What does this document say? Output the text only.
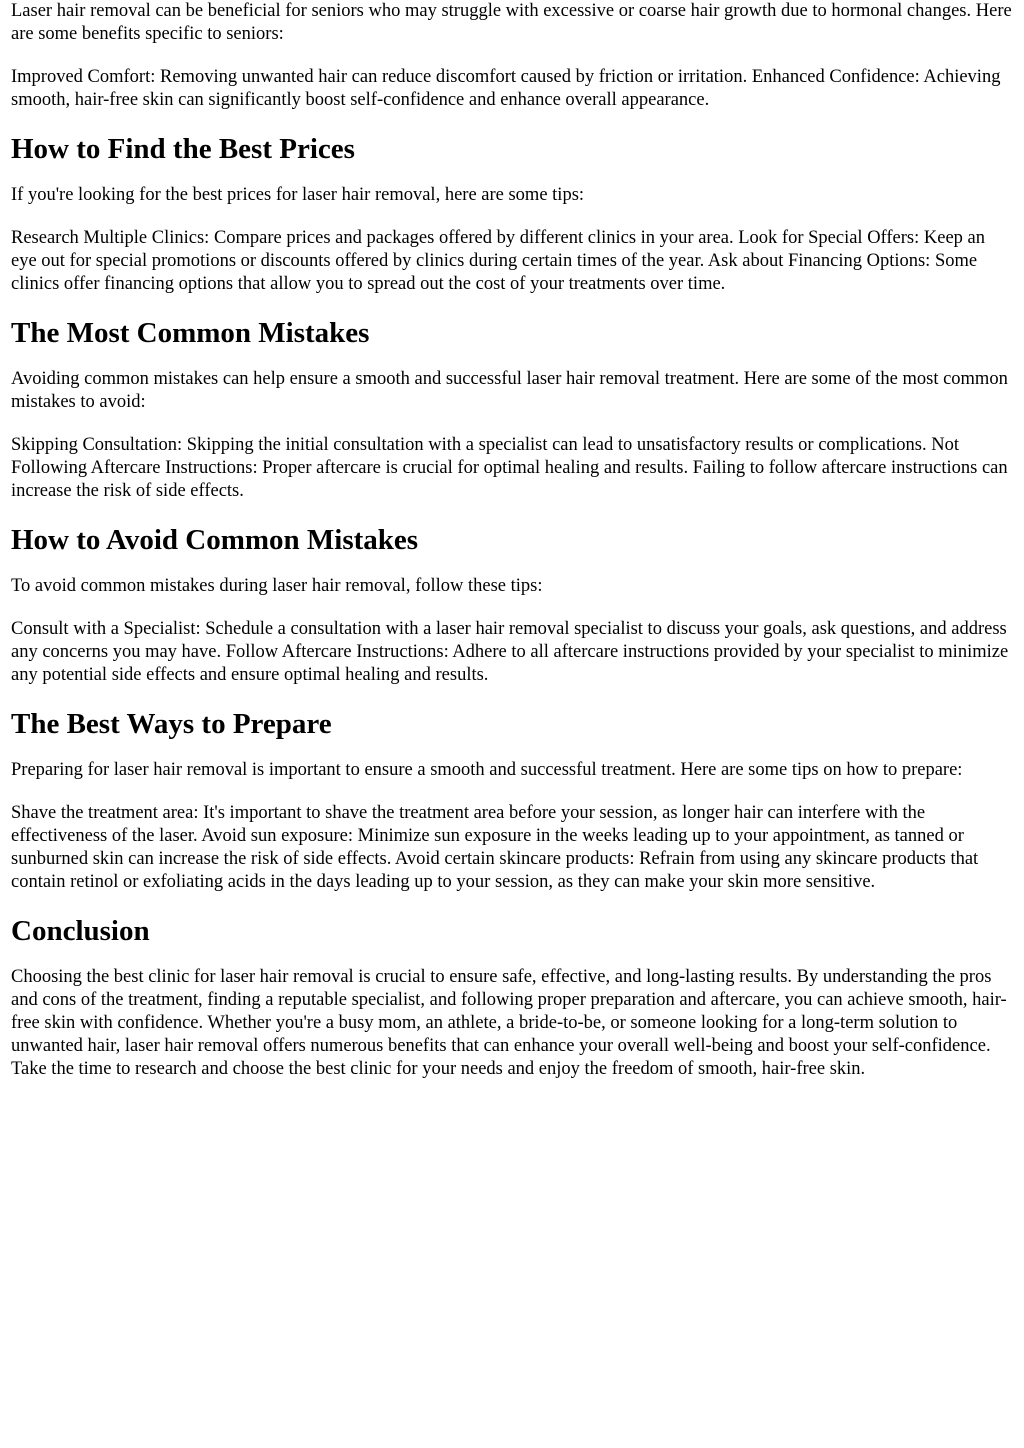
Laser hair removal can be beneficial for seniors who may struggle with excessive or coarse hair growth due to hormonal changes. Here are some benefits specific to seniors:

Improved Comfort: Removing unwanted hair can reduce discomfort caused by friction or irritation. Enhanced Confidence: Achieving smooth, hair-free skin can significantly boost self-confidence and enhance overall appearance.

How to Find the Best Prices

If you're looking for the best prices for laser hair removal, here are some tips:

Research Multiple Clinics: Compare prices and packages offered by different clinics in your area. Look for Special Offers: Keep an eye out for special promotions or discounts offered by clinics during certain times of the year. Ask about Financing Options: Some clinics offer financing options that allow you to spread out the cost of your treatments over time.

The Most Common Mistakes

Avoiding common mistakes can help ensure a smooth and successful laser hair removal treatment. Here are some of the most common mistakes to avoid:

Skipping Consultation: Skipping the initial consultation with a specialist can lead to unsatisfactory results or complications. Not Following Aftercare Instructions: Proper aftercare is crucial for optimal healing and results. Failing to follow aftercare instructions can increase the risk of side effects.

How to Avoid Common Mistakes

To avoid common mistakes during laser hair removal, follow these tips:

Consult with a Specialist: Schedule a consultation with a laser hair removal specialist to discuss your goals, ask questions, and address any concerns you may have. Follow Aftercare Instructions: Adhere to all aftercare instructions provided by your specialist to minimize any potential side effects and ensure optimal healing and results.

The Best Ways to Prepare

Preparing for laser hair removal is important to ensure a smooth and successful treatment. Here are some tips on how to prepare:

Shave the treatment area: It's important to shave the treatment area before your session, as longer hair can interfere with the effectiveness of the laser. Avoid sun exposure: Minimize sun exposure in the weeks leading up to your appointment, as tanned or sunburned skin can increase the risk of side effects. Avoid certain skincare products: Refrain from using any skincare products that contain retinol or exfoliating acids in the days leading up to your session, as they can make your skin more sensitive.

Conclusion

Choosing the best clinic for laser hair removal is crucial to ensure safe, effective, and long-lasting results. By understanding the pros and cons of the treatment, finding a reputable specialist, and following proper preparation and aftercare, you can achieve smooth, hair-free skin with confidence. Whether you're a busy mom, an athlete, a bride-to-be, or someone looking for a long-term solution to unwanted hair, laser hair removal offers numerous benefits that can enhance your overall well-being and boost your self-confidence. Take the time to research and choose the best clinic for your needs and enjoy the freedom of smooth, hair-free skin.
